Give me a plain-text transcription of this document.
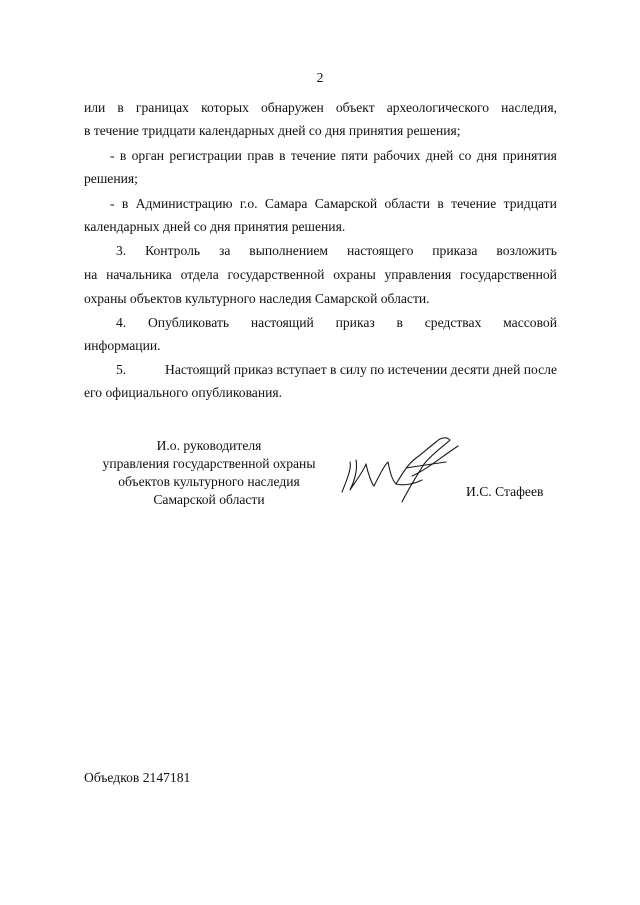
2
или в границах которых обнаружен объект археологического наследия,
в течение тридцати календарных дней со дня принятия решения;
- в орган регистрации прав в течение пяти рабочих дней со дня принятия
решения;
- в Администрацию г.о. Самара Самарской области в течение тридцати
календарных дней со дня принятия решения.
3. Контроль за выполнением настоящего приказа возложить
на начальника отдела государственной охраны управления государственной
охраны объектов культурного наследия Самарской области.
4. Опубликовать настоящий приказ в средствах массовой
информации.
5.	Настоящий приказ вступает в силу по истечении десяти дней после
его официального опубликования.
И.о. руководителя
управления государственной охраны
объектов культурного наследия
Самарской области
И.С. Стафеев
Объедков 2147181
